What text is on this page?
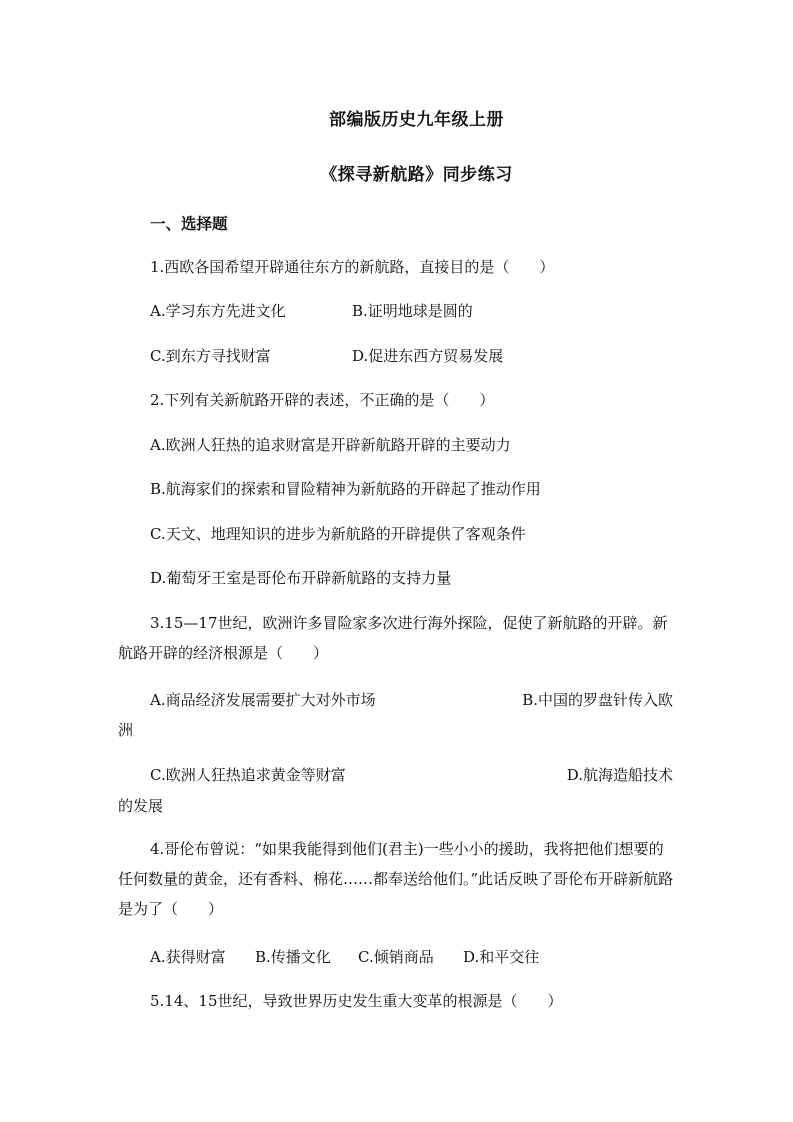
部编版历史九年级上册
《探寻新航路》同步练习
一、选择题
1.西欧各国希望开辟通往东方的新航路，直接目的是（　　）
A.学习东方先进文化	B.证明地球是圆的
C.到东方寻找财富	D.促进东西方贸易发展
2.下列有关新航路开辟的表述，不正确的是（　　）
A.欧洲人狂热的追求财富是开辟新航路开辟的主要动力
B.航海家们的探索和冒险精神为新航路的开辟起了推动作用
C.天文、地理知识的进步为新航路的开辟提供了客观条件
D.葡萄牙王室是哥伦布开辟新航路的支持力量
3.15—17世纪，欧洲许多冒险家多次进行海外探险，促使了新航路的开辟。新航路开辟的经济根源是（　　）
A.商品经济发展需要扩大对外市场	B.中国的罗盘针传入欧
洲
C.欧洲人狂热追求黄金等财富	D.航海造船技术
的发展
4.哥伦布曾说：“如果我能得到他们(君主)一些小小的援助，我将把他们想要的任何数量的黄金，还有香料、棉花……都奉送给他们。”此话反映了哥伦布开辟新航路是为了（　　）
A.获得财富 B.传播文化 C.倾销商品 D.和平交往
5.14、15世纪，导致世界历史发生重大变革的根源是（　　）
